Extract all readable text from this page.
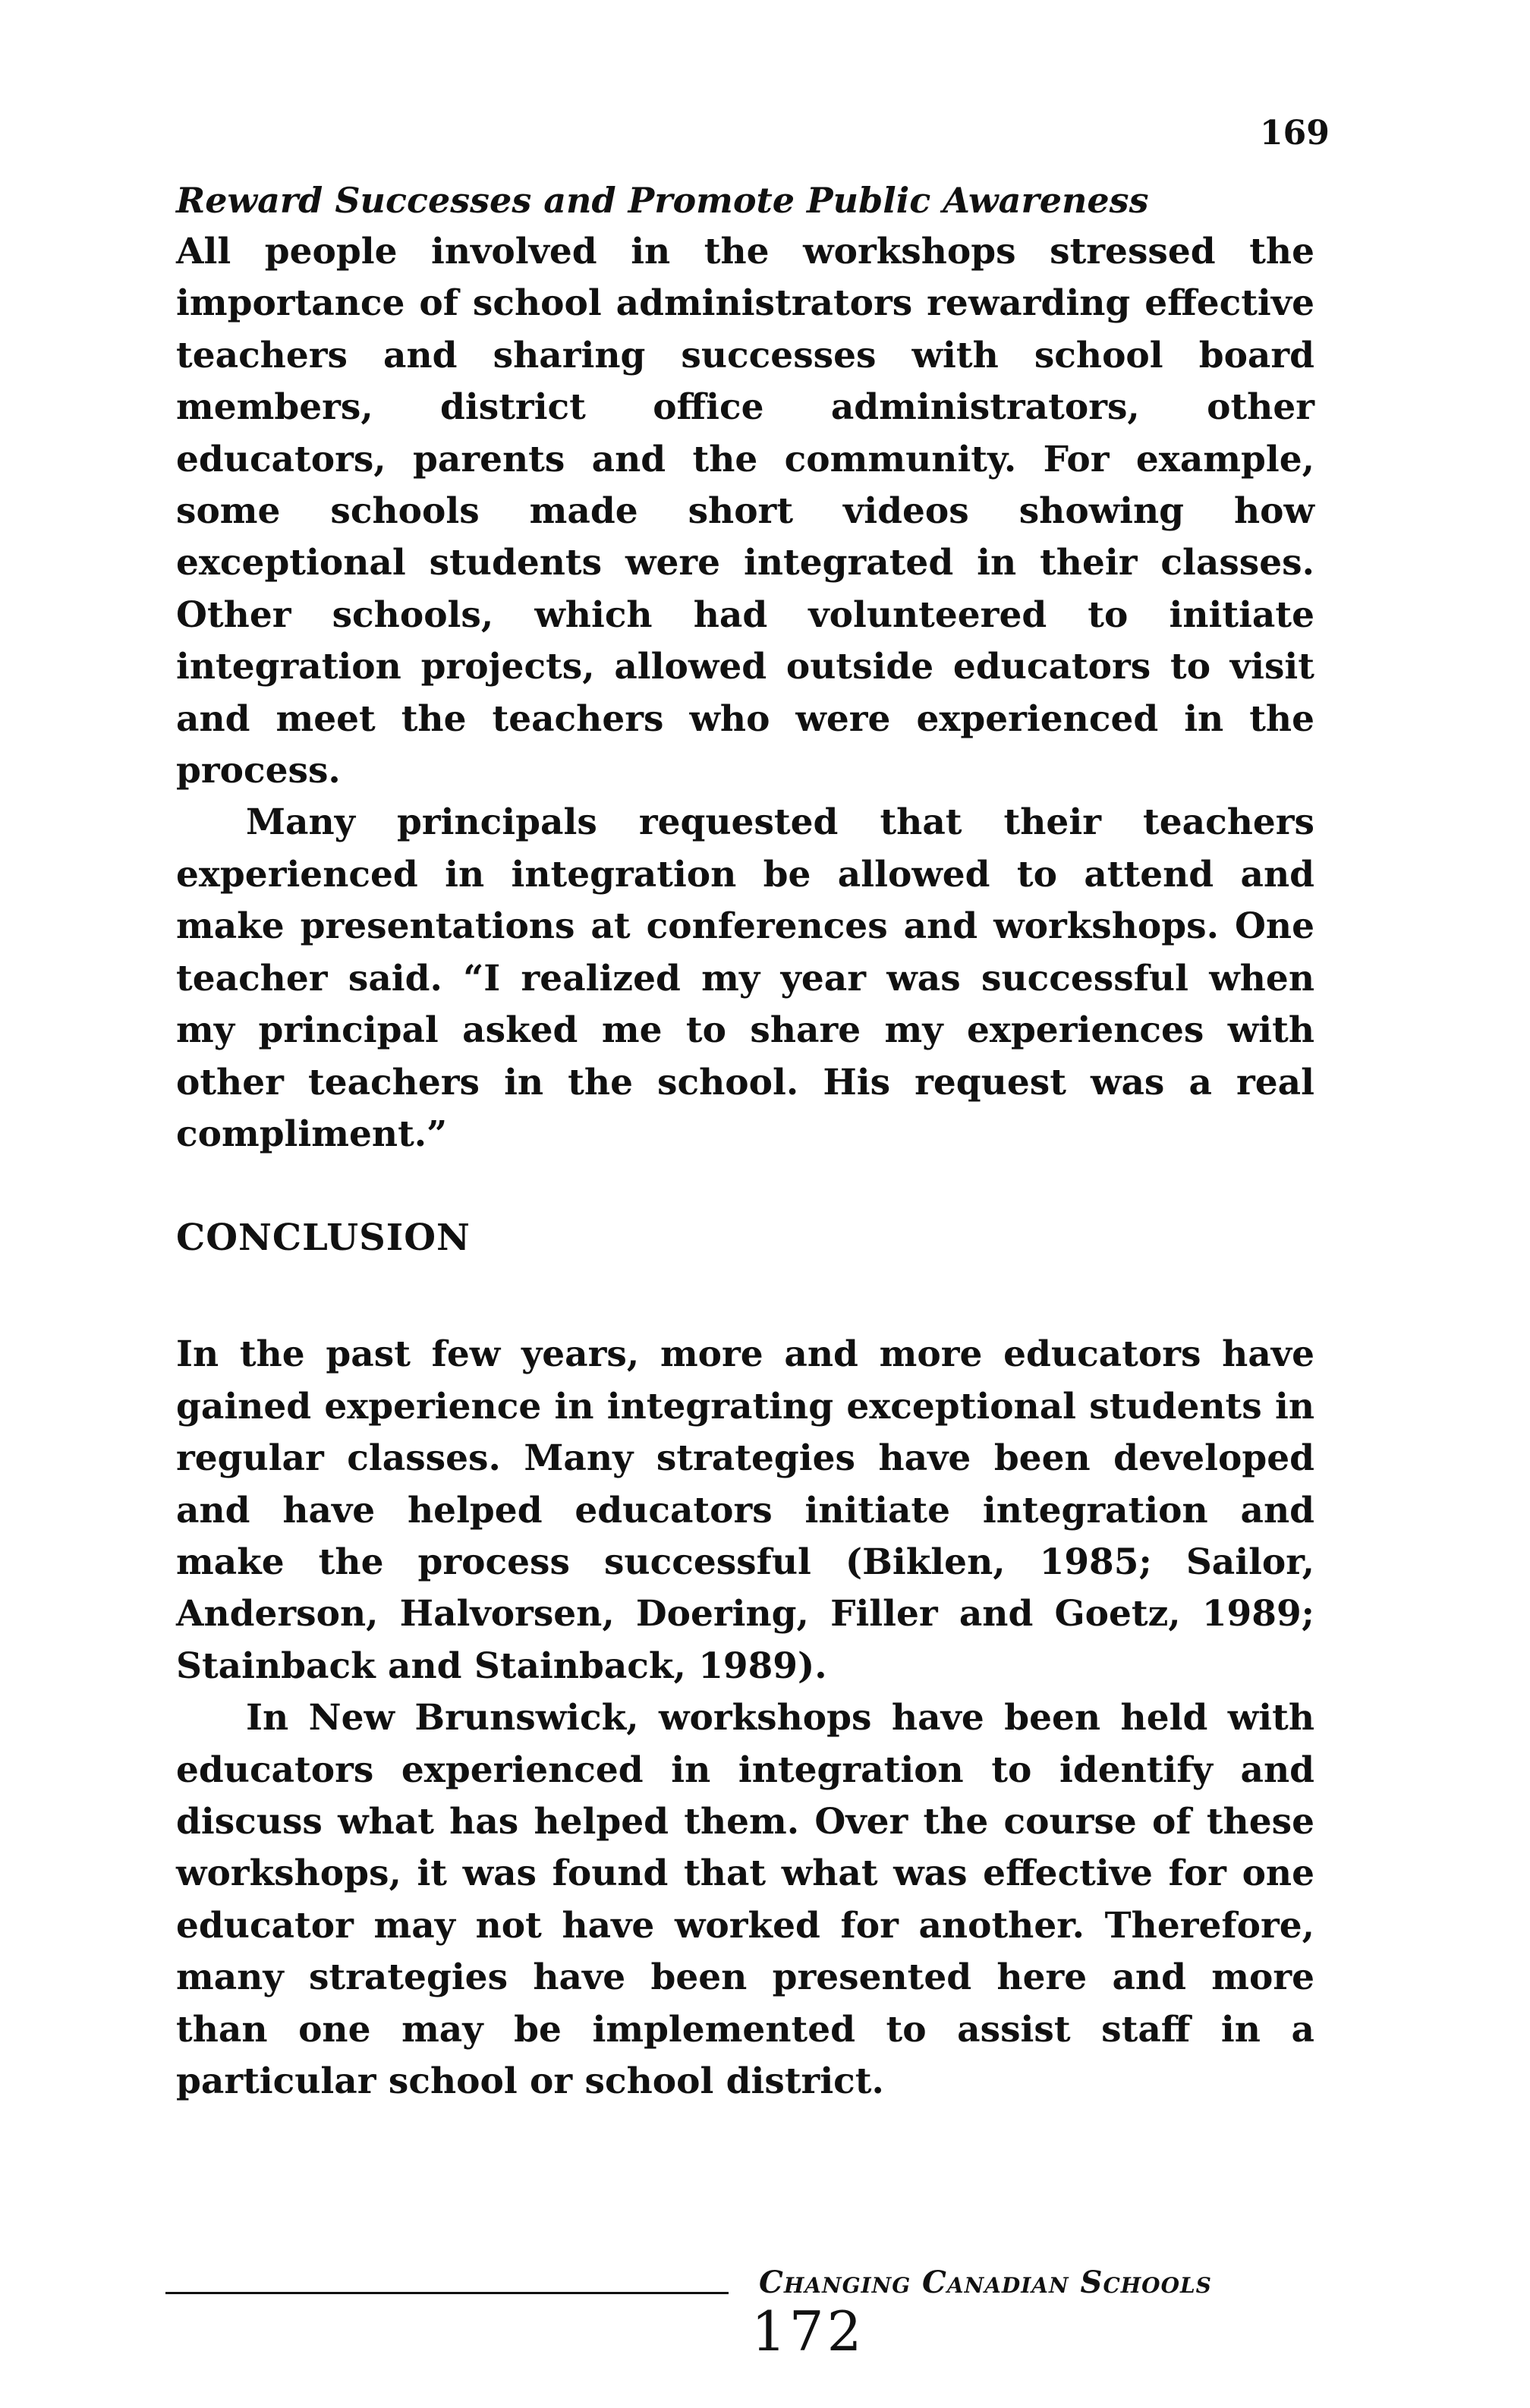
169
Reward Successes and Promote Public Awareness

All people involved in the workshops stressed the importance of school administrators rewarding effective teachers and sharing successes with school board members, district office administrators, other educators, parents and the community. For example, some schools made short videos showing how exceptional students were integrated in their classes. Other schools, which had volunteered to initiate integration projects, allowed outside educators to visit and meet the teachers who were experienced in the process.

Many principals requested that their teachers experienced in integration be allowed to attend and make presentations at conferences and workshops. One teacher said. “I realized my year was successful when my principal asked me to share my experiences with other teachers in the school. His request was a real compliment.”

CONCLUSION

In the past few years, more and more educators have gained experience in integrating exceptional students in regular classes. Many strategies have been developed and have helped educators initiate integration and make the process successful (Biklen, 1985; Sailor, Anderson, Halvorsen, Doering, Filler and Goetz, 1989; Stainback and Stainback, 1989).

In New Brunswick, workshops have been held with educators experienced in integration to identify and discuss what has helped them. Over the course of these workshops, it was found that what was effective for one educator may not have worked for another. Therefore, many strategies have been presented here and more than one may be implemented to assist staff in a particular school or school district.

Changing Canadian Schools
172
